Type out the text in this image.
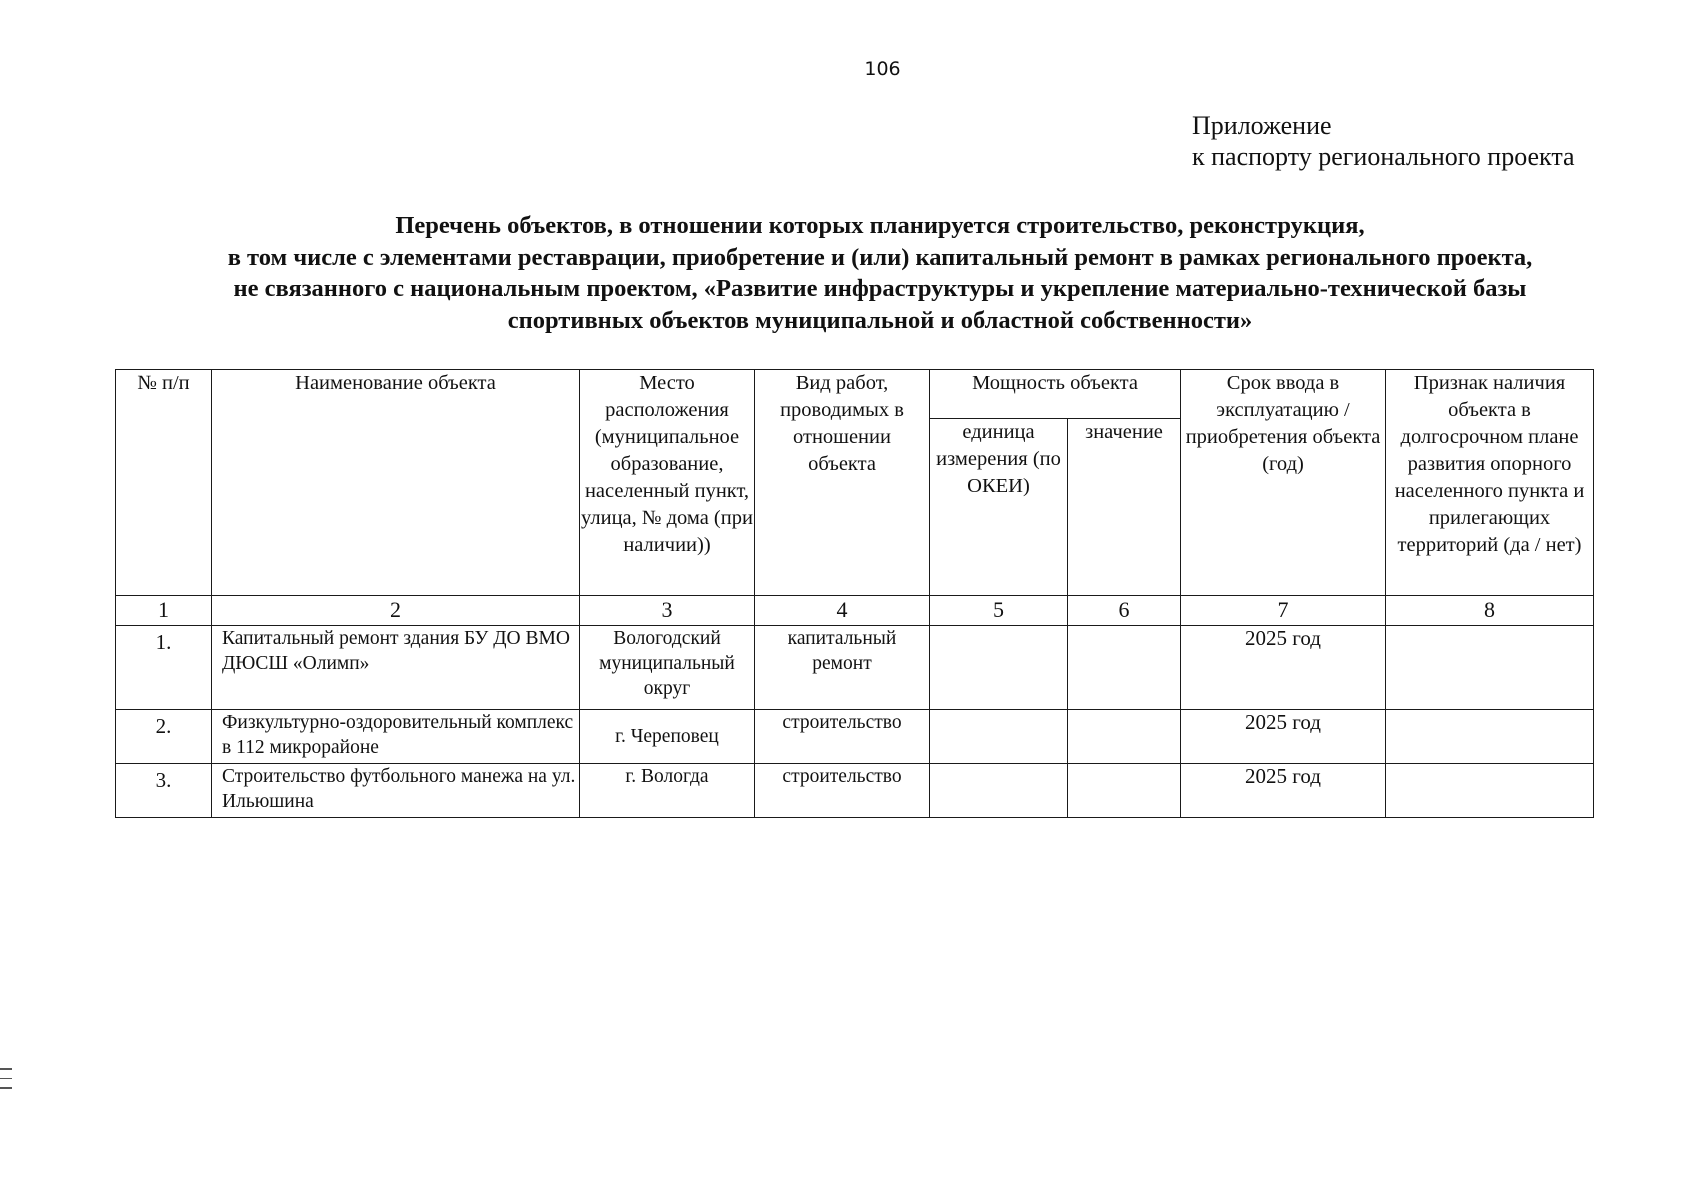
106
Приложение
к паспорту регионального проекта
Перечень объектов, в отношении которых планируется строительство, реконструкция,
в том числе с элементами реставрации, приобретение и (или) капитальный ремонт в рамках регионального проекта,
не связанного с национальным проектом, «Развитие инфраструктуры и укрепление материально-технической базы
спортивных объектов муниципальной и областной собственности»
№ п/п	Наименование объекта	Место расположения (муниципальное образование, населенный пункт, улица, № дома (при наличии))	Вид работ, проводимых в отношении объекта	Мощность объекта		Срок ввода в эксплуатацию /приобретения объекта (год)	Признак наличия объекта в долгосрочном плане развития опорного населенного пункта и прилегающих территорий (да / нет)
				единица измерения (по ОКЕИ)	значение		
1	2	3	4	5	6	7	8
1.	Капитальный ремонт здания БУ ДО ВМО ДЮСШ «Олимп»	Вологодский муниципальный округ	капитальный ремонт			2025 год	
2.	Физкультурно-оздоровительный комплекс в 112 микрорайоне	г. Череповец	строительство			2025 год	
3.	Строительство футбольного манежа на ул. Ильюшина	г. Вологда	строительство			2025 год	
